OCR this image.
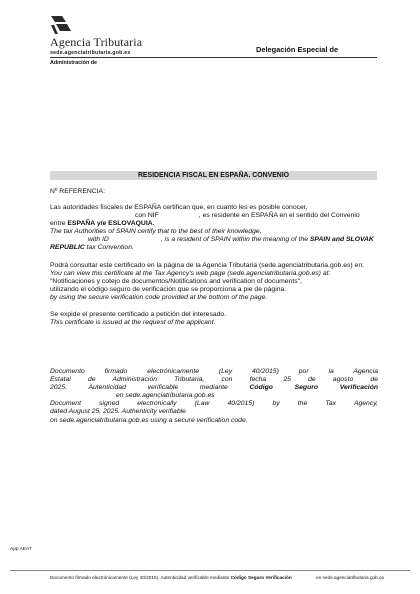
Agencia Tributaria
sede.agenciatributaria.gob.es	Delegación Especial de
Administración de
RESIDENCIA FISCAL EN ESPAÑA. CONVENIO
Nº REFERENCIA:
Las autoridades fiscales de ESPAÑA certifican que, en cuanto les es posible conocer,
con NIF	, es residente en ESPAÑA en el sentido del Convenio
entre ESPAÑA y/e ESLOVAQUIA.
The tax Authorities of SPAIN certify that to the best of their knowledge,
with ID	, is a resident of SPAIN within the meaning of the SPAIN and SLOVAK
REPUBLIC tax Convention.
Podrá consultar este certificado en la página de la Agencia Tributaria (sede.agenciatributaria.gob.es) en:
You can view this certificate at the Tax Agency's web page (sede.agenciatributaria.gob.es) at:
"Notificaciones y cotejo de documentos/Notifications and verification of documents",
utilizando el código seguro de verificación que se proporciona a pie de página.
by using the secure verification code provided at the bottom of the page.
Se expide el presente certificado a petición del interesado.
This certificate is issued at the request of the applicant.
Documento firmado electrónicamente (Ley 40/2015) por la Agencia
Estatal de Administración Tributaria, con fecha 25 de agosto de
2025. Autenticidad verificable mediante Código Seguro Verificación
en sede.agenciatributaria.gob.es
Document signed electronically (Law 40/2015) by the Tax Agency,
dated August 25, 2025. Authenticity verifiable
on sede.agenciatributaria.gob.es using a secure verification code.
App AEAT
Documento firmado electrónicamente (Ley 40/2015). Autenticidad verificable mediante Código Seguro Verificación	en sede.agenciatributaria.gob.es
